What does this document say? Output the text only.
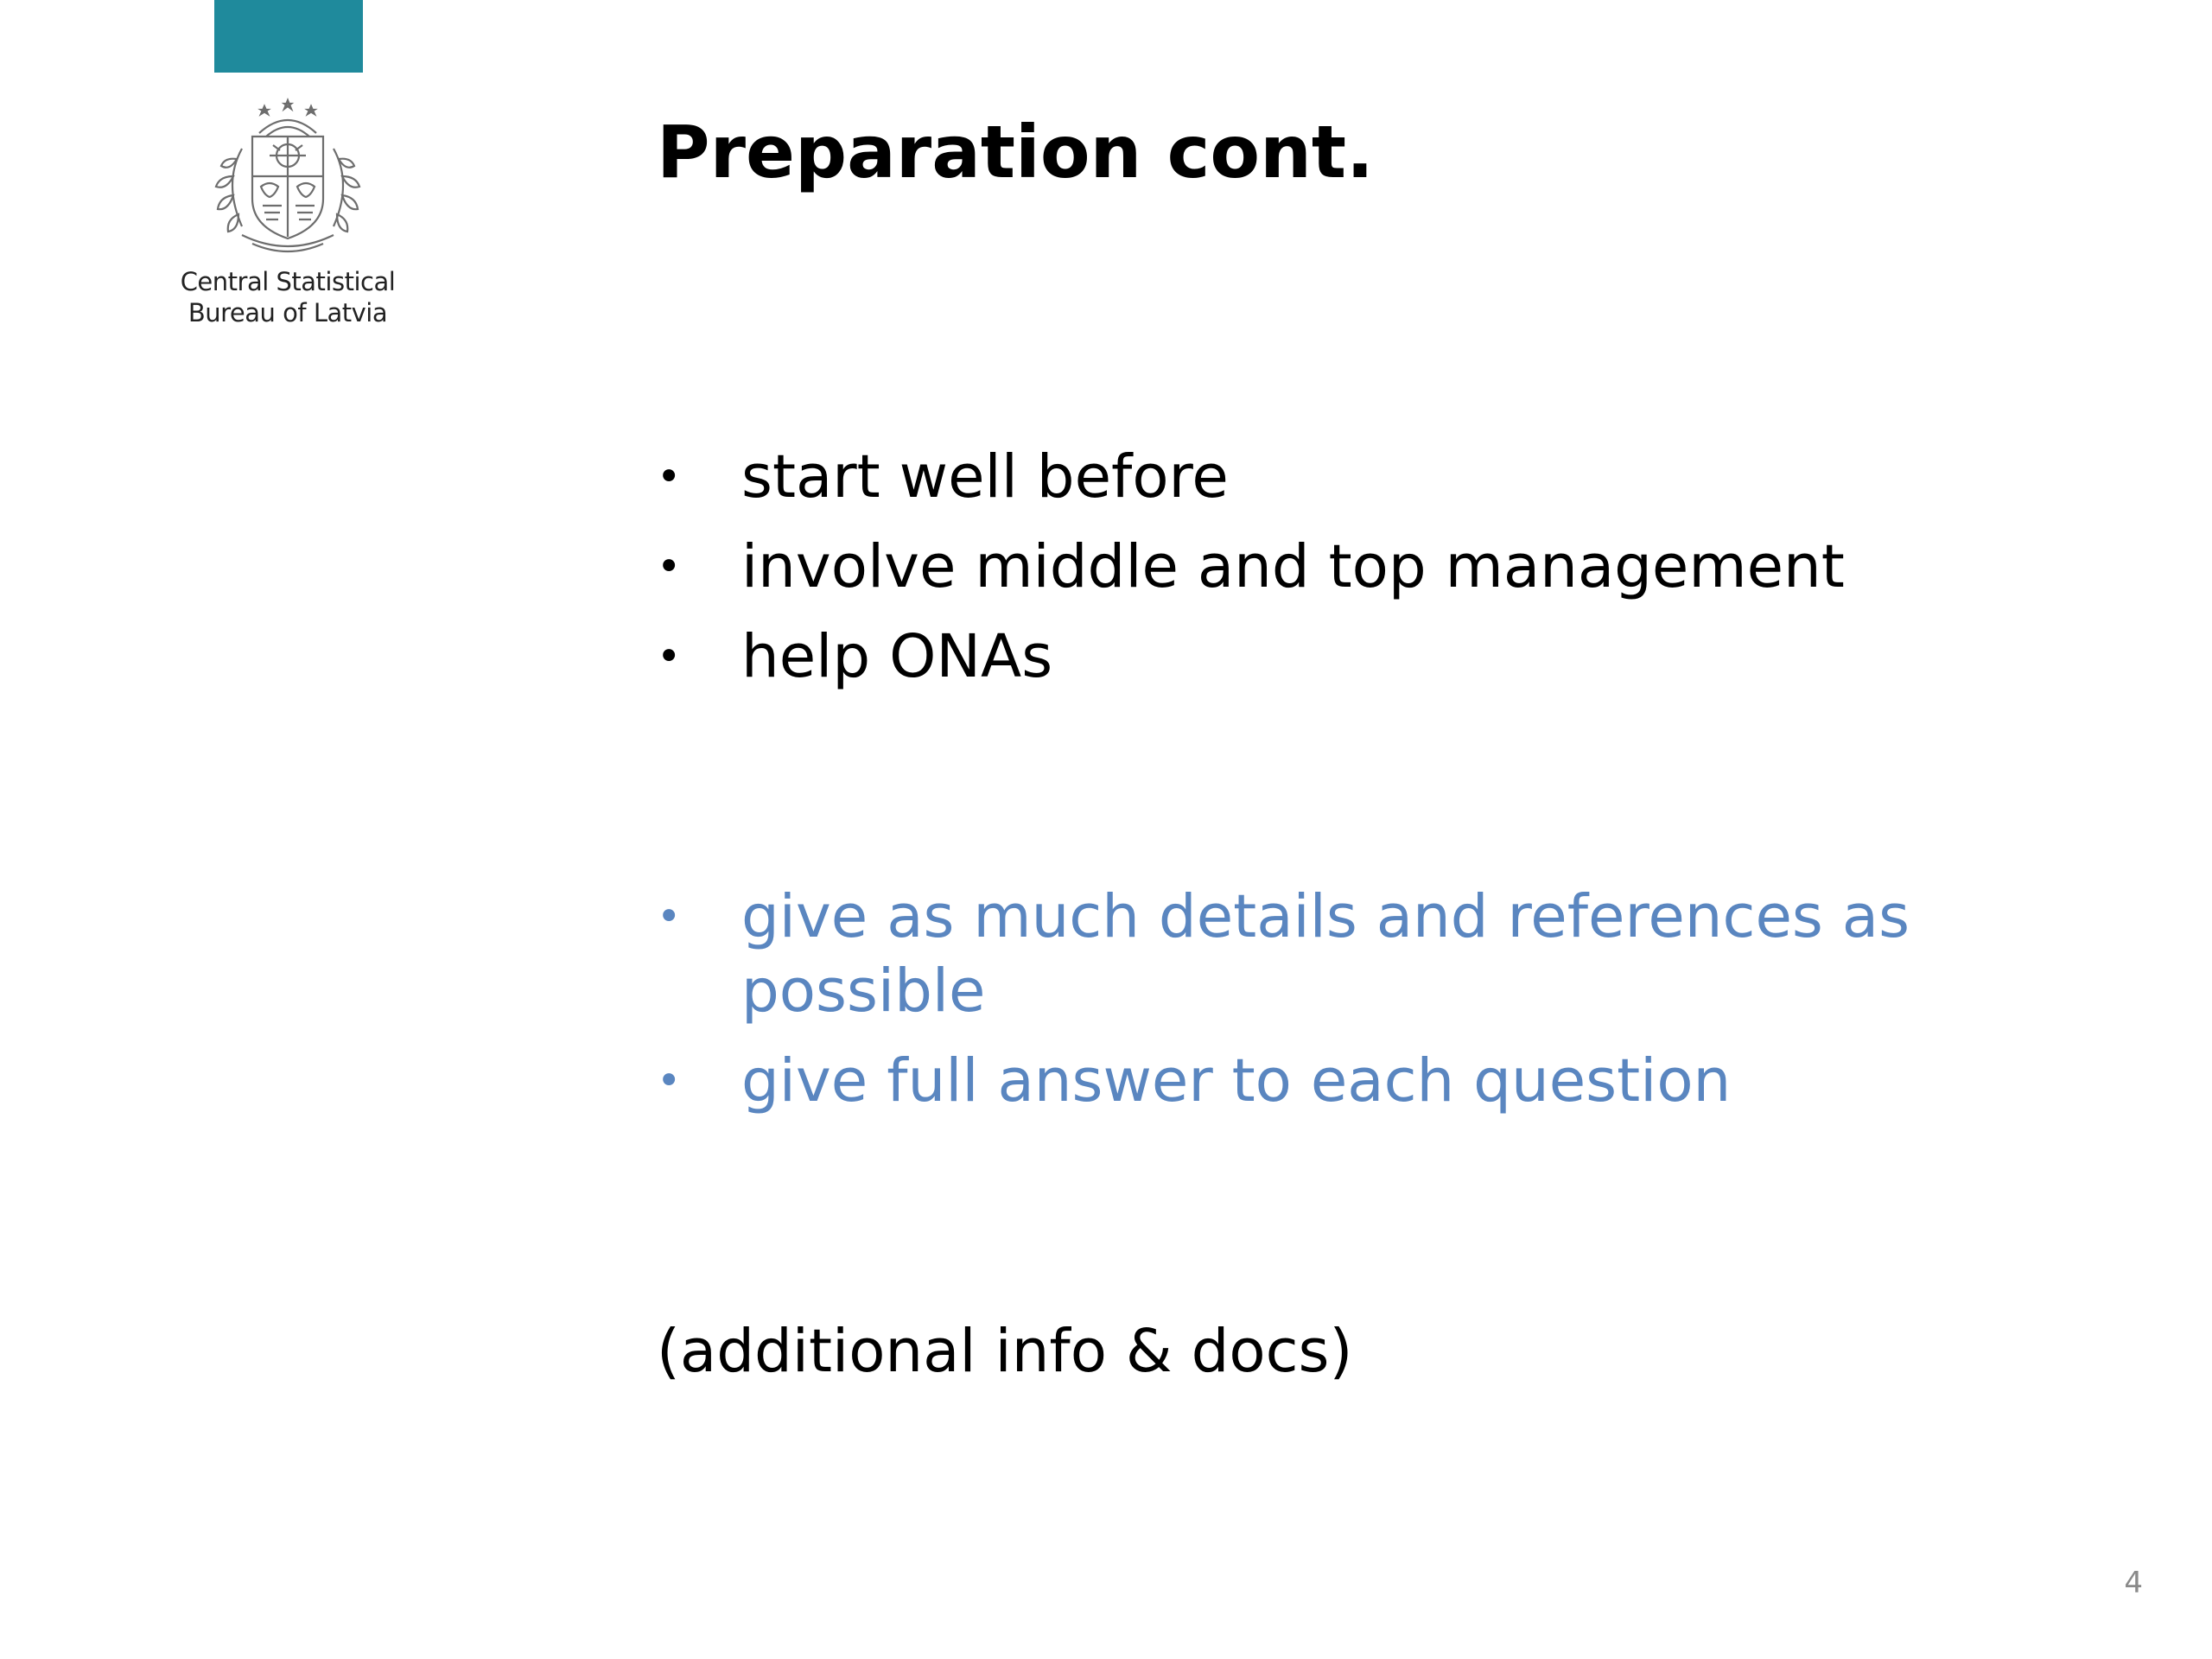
Central Statistical
Bureau of Latvia
Preparation cont.
• start well before
• involve middle and top management
• help ONAs
• give as much details and references as possible
• give full answer to each question

(additional info & docs)

4
